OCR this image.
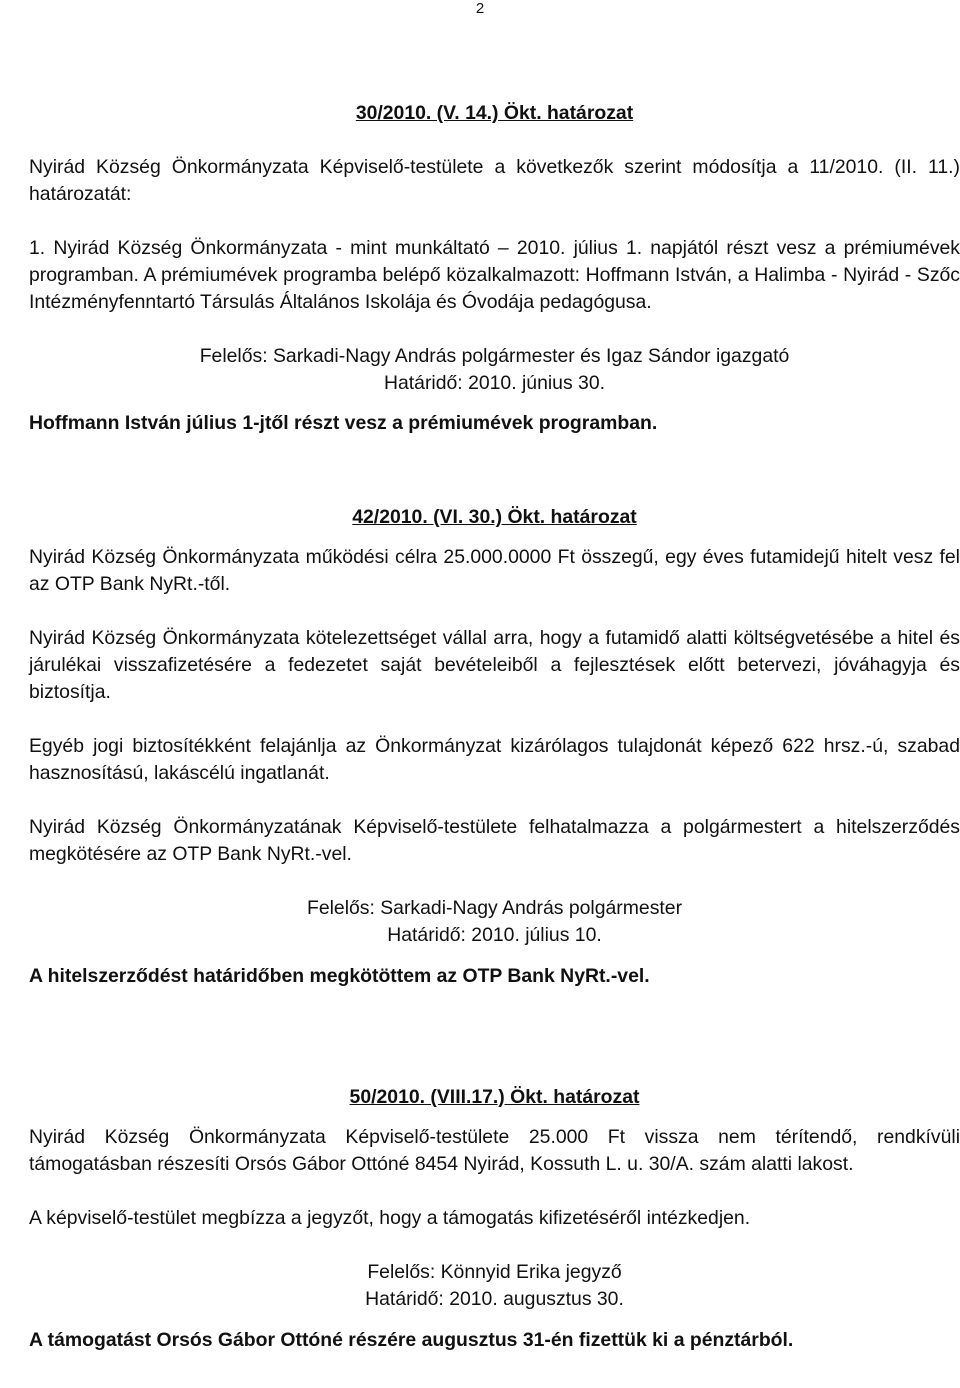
2

30/2010. (V. 14.) Ökt. határozat

Nyirád Község Önkormányzata Képviselő-testülete a következők szerint módosítja a 11/2010. (II. 11.) határozatát:

1. Nyirád Község Önkormányzata - mint munkáltató – 2010. július 1. napjától részt vesz a prémiumévek programban. A prémiumévek programba belépő közalkalmazott: Hoffmann István, a Halimba - Nyirád - Szőc Intézményfenntartó Társulás Általános Iskolája és Óvodája pedagógusa.

Felelős: Sarkadi-Nagy András polgármester és Igaz Sándor igazgató

Határidő: 2010. június 30.

Hoffmann István július 1-jtől részt vesz a prémiumévek programban.

42/2010. (VI. 30.) Ökt. határozat

Nyirád Község Önkormányzata működési célra 25.000.0000 Ft összegű, egy éves futamidejű hitelt vesz fel az OTP Bank NyRt.-től.

Nyirád Község Önkormányzata kötelezettséget vállal arra, hogy a futamidő alatti költségvetésébe a hitel és járulékai visszafizetésére a fedezetet saját bevételeiből a fejlesztések előtt betervezi, jóváhagyja és biztosítja.

Egyéb jogi biztosítékként felajánlja az Önkormányzat kizárólagos tulajdonát képező 622 hrsz.-ú, szabad hasznosítású, lakáscélú ingatlanát.

Nyirád Község Önkormányzatának Képviselő-testülete felhatalmazza a polgármestert a hitelszerződés megkötésére az OTP Bank NyRt.-vel.

Felelős: Sarkadi-Nagy András polgármester

Határidő: 2010. július 10.

A hitelszerződést határidőben megkötöttem az OTP Bank NyRt.-vel.

50/2010. (VIII.17.) Ökt. határozat

Nyirád Község Önkormányzata Képviselő-testülete 25.000 Ft vissza nem térítendő, rendkívüli támogatásban részesíti Orsós Gábor Ottóné 8454 Nyirád, Kossuth L. u. 30/A. szám alatti lakost.

A képviselő-testület megbízza a jegyzőt, hogy a támogatás kifizetéséről intézkedjen.

Felelős: Könnyid Erika jegyző

Határidő: 2010. augusztus 30.

A támogatást Orsós Gábor Ottóné részére augusztus 31-én fizettük ki a pénztárból.
